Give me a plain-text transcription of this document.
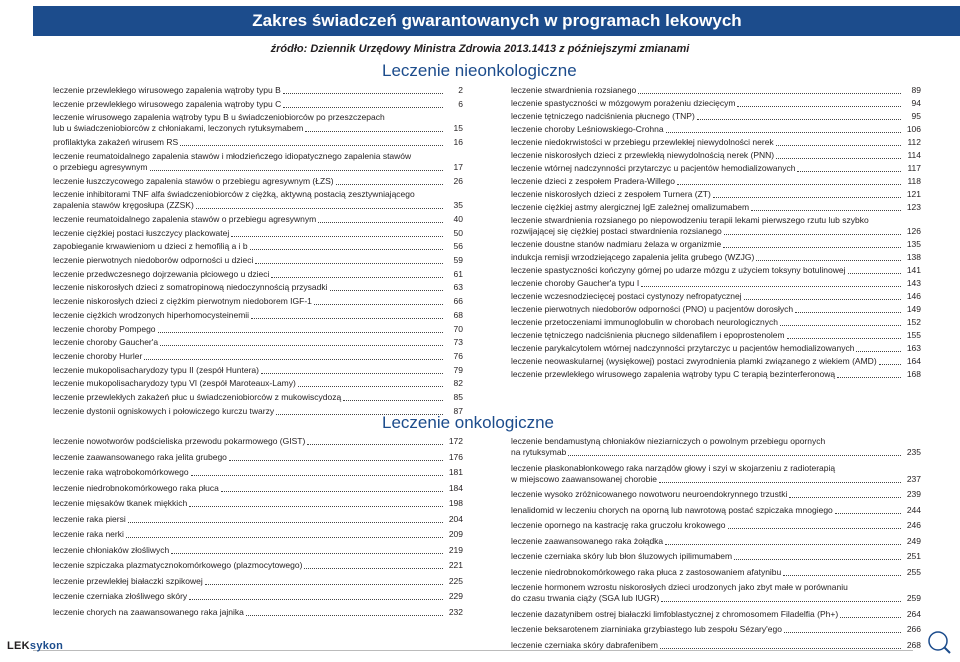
Zakres świadczeń gwarantowanych w programach lekowych
źródło: Dziennik Urzędowy Ministra Zdrowia 2013.1413 z późniejszymi zmianami
Leczenie nieonkologiczne
Leczenie onkologiczne
leczenie przewlekłego wirusowego zapalenia wątroby typu B	2
leczenie przewlekłego wirusowego zapalenia wątroby typu C	6
leczenie wirusowego zapalenia wątroby typu B u świadczeniobiorców po przeszczepach
lub u świadczeniobiorców z chłoniakami, leczonych rytuksymabem	15
profilaktyka zakażeń wirusem RS	16
leczenie reumatoidalnego zapalenia stawów i młodzieńczego idiopatycznego zapalenia stawów
o przebiegu agresywnym	17
leczenie łuszczycowego zapalenia stawów o przebiegu agresywnym (ŁZS)	26
leczenie inhibitorami TNF alfa świadczeniobiorców z ciężką, aktywną postacią zesztywniającego
zapalenia stawów kręgosłupa (ZZSK)	35
leczenie reumatoidalnego zapalenia stawów o przebiegu agresywnym	40
leczenie ciężkiej postaci łuszczycy plackowatej	50
zapobieganie krwawieniom u dzieci z hemofilią a i b	56
leczenie pierwotnych niedoborów odporności u dzieci	59
leczenie przedwczesnego dojrzewania płciowego u dzieci	61
leczenie niskorosłych dzieci z somatropinową niedoczynnością przysadki	63
leczenie niskorosłych dzieci z ciężkim pierwotnym niedoborem IGF-1	66
leczenie ciężkich wrodzonych hiperhomocysteinemii	68
leczenie choroby Pompego	70
leczenie choroby Gaucher'a	73
leczenie choroby Hurler	76
leczenie mukopolisacharydozy typu II (zespół Huntera)	79
leczenie mukopolisacharydozy typu VI (zespół Maroteaux-Lamy)	82
leczenie przewlekłych zakażeń płuc u świadczeniobiorców z mukowiscydozą	85
leczenie dystonii ogniskowych i połowiczego kurczu twarzy	87
leczenie stwardnienia rozsianego	89
leczenie spastyczności w mózgowym porażeniu dziecięcym	94
leczenie tętniczego nadciśnienia płucnego (TNP)	95
leczenie choroby Leśniowskiego-Crohna	106
leczenie niedokrwistości w przebiegu przewlekłej niewydolności nerek	112
leczenie niskorosłych dzieci z przewlekłą niewydolnością nerek (PNN)	114
leczenie wtórnej nadczynności przytarczyc u pacjentów hemodializowanych	117
leczenie dzieci z zespołem Pradera-Willego	118
leczenie niskorosłych dzieci z zespołem Turnera (ZT)	121
leczenie ciężkiej astmy alergicznej IgE zależnej omalizumabem	123
leczenie stwardnienia rozsianego po niepowodzeniu terapii lekami pierwszego rzutu lub szybko
rozwijającej się ciężkiej postaci stwardnienia rozsianego	126
leczenie doustne stanów nadmiaru żelaza w organizmie	135
indukcja remisji wrzodziejącego zapalenia jelita grubego (WZJG)	138
leczenie spastyczności kończyny górnej po udarze mózgu z użyciem toksyny botulinowej	141
leczenie choroby Gaucher'a typu I	143
leczenie wczesnodziecięcej postaci cystynozy nefropatycznej	146
leczenie pierwotnych niedoborów odporności (PNO) u pacjentów dorosłych	149
leczenie przetoczeniami immunoglobulin w chorobach neurologicznych	152
leczenie tętniczego nadciśnienia płucnego sildenafilem i epoprostenolem	155
leczenie parykalcytolem wtórnej nadczynności przytarczyc u pacjentów hemodializowanych	163
leczenie neowaskularnej (wysiękowej) postaci zwyrodnienia plamki związanego z wiekiem (AMD)	164
leczenie przewlekłego wirusowego zapalenia wątroby typu C terapią bezinterferonową	168
leczenie nowotworów podścieliska przewodu pokarmowego (GIST)	172
leczenie zaawansowanego raka jelita grubego	176
leczenie raka wątrobokomórkowego	181
leczenie niedrobnokomórkowego raka płuca	184
leczenie mięsaków tkanek miękkich	198
leczenie raka piersi	204
leczenie raka nerki	209
leczenie chłoniaków złośliwych	219
leczenie szpiczaka plazmatycznokomórkowego (plazmocytowego)	221
leczenie przewlekłej białaczki szpikowej	225
leczenie czerniaka złośliwego skóry	229
leczenie chorych na zaawansowanego raka jajnika	232
leczenie bendamustyną chłoniaków nieziarniczych o powolnym przebiegu opornych
na rytuksymab	235
leczenie płaskonabłonkowego raka narządów głowy i szyi w skojarzeniu z radioterapią
w miejscowo zaawansowanej chorobie	237
leczenie wysoko zróżnicowanego nowotworu neuroendokrynnego trzustki	239
lenalidomid w leczeniu chorych na oporną lub nawrotową postać szpiczaka mnogiego	244
leczenie opornego na kastrację raka gruczołu krokowego	246
leczenie zaawansowanego raka żołądka	249
leczenie czerniaka skóry lub błon śluzowych ipilimumabem	251
leczenie niedrobnokomórkowego raka płuca z zastosowaniem afatynibu	255
leczenie hormonem wzrostu niskorosłych dzieci urodzonych jako zbyt małe w porównaniu
do czasu trwania ciąży (SGA lub IUGR)	259
leczenie dazatynibem ostrej białaczki limfoblastycznej z chromosomem Filadelfia (Ph+)	264
leczenie beksarotenem ziarniniaka grzybiastego lub zespołu Sézary'ego	266
leczenie czerniaka skóry dabrafenibem	268
LEKsykon
